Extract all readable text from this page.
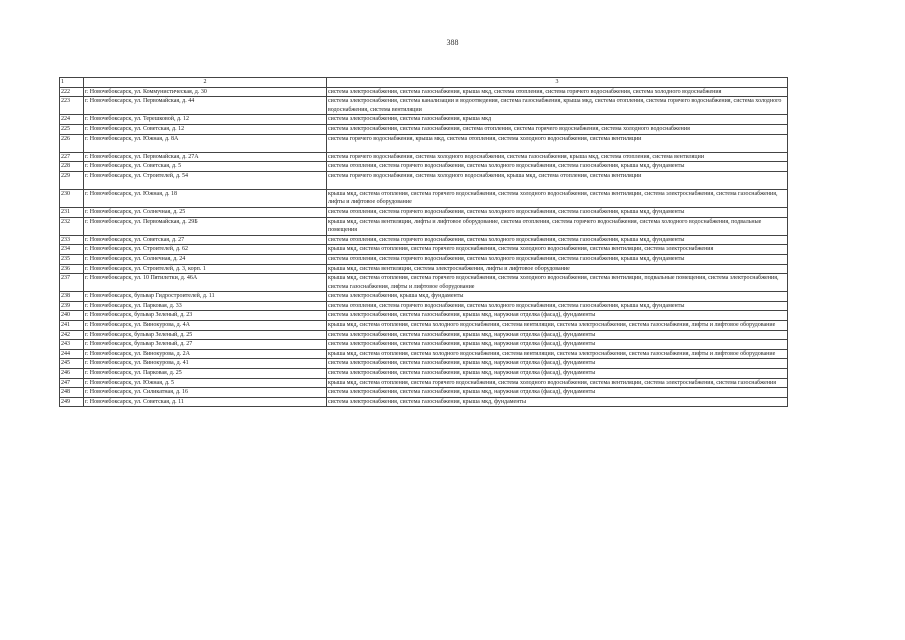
388
1	2	3
222	г. Новочебоксарск, ул. Коммунистическая, д. 30	система электроснабжения, система газоснабжения, крыша мкд, система отопления, система горячего водоснабжения, система холодного водоснабжения
223	г. Новочебоксарск, ул. Первомайская, д. 44	система электроснабжения, система канализации и водоотведения, система газоснабжения, крыша мкд, система отопления, система горячего водоснабжения, система холодного водоснабжения, система вентиляции
224	г. Новочебоксарск, ул. Терешковой, д. 12	система электроснабжения, система газоснабжения, крыша мкд
225	г. Новочебоксарск, ул. Советская, д. 12	система электроснабжения, система газоснабжения, система отопления, система горячего водоснабжения, система холодного водоснабжения
226	г. Новочебоксарск, ул. Южная, д. 8А	система горячего водоснабжения, крыша мкд, система отопления, система холодного водоснабжения, система вентиляции
227	г. Новочебоксарск, ул. Первомайская, д. 27А	система горячего водоснабжения, система холодного водоснабжения, система газоснабжения, крыша мкд, система отопления, система вентиляции
228	г. Новочебоксарск, ул. Советская, д. 5	система отопления, система горячего водоснабжения, система холодного водоснабжения, система газоснабжения, крыша мкд, фундаменты
229	г. Новочебоксарск, ул. Строителей, д. 54	система горячего водоснабжения, система холодного водоснабжения, крыша мкд, система отопления, система вентиляции
230	г. Новочебоксарск, ул. Южная, д. 18	крыша мкд, система отопления, система горячего водоснабжения, система холодного водоснабжения, система вентиляции, система электроснабжения, система газоснабжения, лифты и лифтовое оборудование
231	г. Новочебоксарск, ул. Солнечная, д. 25	система отопления, система горячего водоснабжения, система холодного водоснабжения, система газоснабжения, крыша мкд, фундаменты
232	г. Новочебоксарск, ул. Первомайская, д. 29Б	крыша мкд, система вентиляции, лифты и лифтовое оборудование, система отопления, система горячего водоснабжения, система холодного водоснабжения, подвальные помещения
233	г. Новочебоксарск, ул. Советская, д. 27	система отопления, система горячего водоснабжения, система холодного водоснабжения, система газоснабжения, крыша мкд, фундаменты
234	г. Новочебоксарск, ул. Строителей, д. 62	крыша мкд, система отопления, система горячего водоснабжения, система холодного водоснабжения, система вентиляции, система электроснабжения
235	г. Новочебоксарск, ул. Солнечная, д. 24	система отопления, система горячего водоснабжения, система холодного водоснабжения, система газоснабжения, крыша мкд, фундаменты
236	г. Новочебоксарск, ул. Строителей, д. 3, корп. 1	крыша мкд, система вентиляции, система электроснабжения, лифты и лифтовое оборудование
237	г. Новочебоксарск, ул. 10 Пятилетки, д. 46А	крыша мкд, система отопления, система горячего водоснабжения, система холодного водоснабжения, система вентиляции, подвальные помещения, система электроснабжения, система газоснабжения, лифты и лифтовое оборудование
238	г. Новочебоксарск, бульвар Гидростроителей, д. 11	система электроснабжения, крыша мкд, фундаменты
239	г. Новочебоксарск, ул. Парковая, д. 33	система отопления, система горячего водоснабжения, система холодного водоснабжения, система газоснабжения, крыша мкд, фундаменты
240	г. Новочебоксарск, бульвар Зеленый, д. 23	система электроснабжения, система газоснабжения, крыша мкд, наружная отделка (фасад), фундаменты
241	г. Новочебоксарск, ул. Винокурова, д. 4А	крыша мкд, система отопления, система холодного водоснабжения, система вентиляции, система электроснабжения, система газоснабжения, лифты и лифтовое оборудование
242	г. Новочебоксарск, бульвар Зеленый, д. 25	система электроснабжения, система газоснабжения, крыша мкд, наружная отделка (фасад), фундаменты
243	г. Новочебоксарск, бульвар Зеленый, д. 27	система электроснабжения, система газоснабжения, крыша мкд, наружная отделка (фасад), фундаменты
244	г. Новочебоксарск, ул. Винокурова, д. 2А	крыша мкд, система отопления, система холодного водоснабжения, система вентиляции, система электроснабжения, система газоснабжения, лифты и лифтовое оборудование
245	г. Новочебоксарск, ул. Винокурова, д. 41	система электроснабжения, система газоснабжения, крыша мкд, наружная отделка (фасад), фундаменты
246	г. Новочебоксарск, ул. Парковая, д. 25	система электроснабжения, система газоснабжения, крыша мкд, наружная отделка (фасад), фундаменты
247	г. Новочебоксарск, ул. Южная, д. 5	крыша мкд, система отопления, система горячего водоснабжения, система холодного водоснабжения, система вентиляции, система электроснабжения, система газоснабжения
248	г. Новочебоксарск, ул. Силикатная, д. 16	система электроснабжения, система газоснабжения, крыша мкд, наружная отделка (фасад), фундаменты
249	г. Новочебоксарск, ул. Советская, д. 11	система электроснабжения, система газоснабжения, крыша мкд, фундаменты
